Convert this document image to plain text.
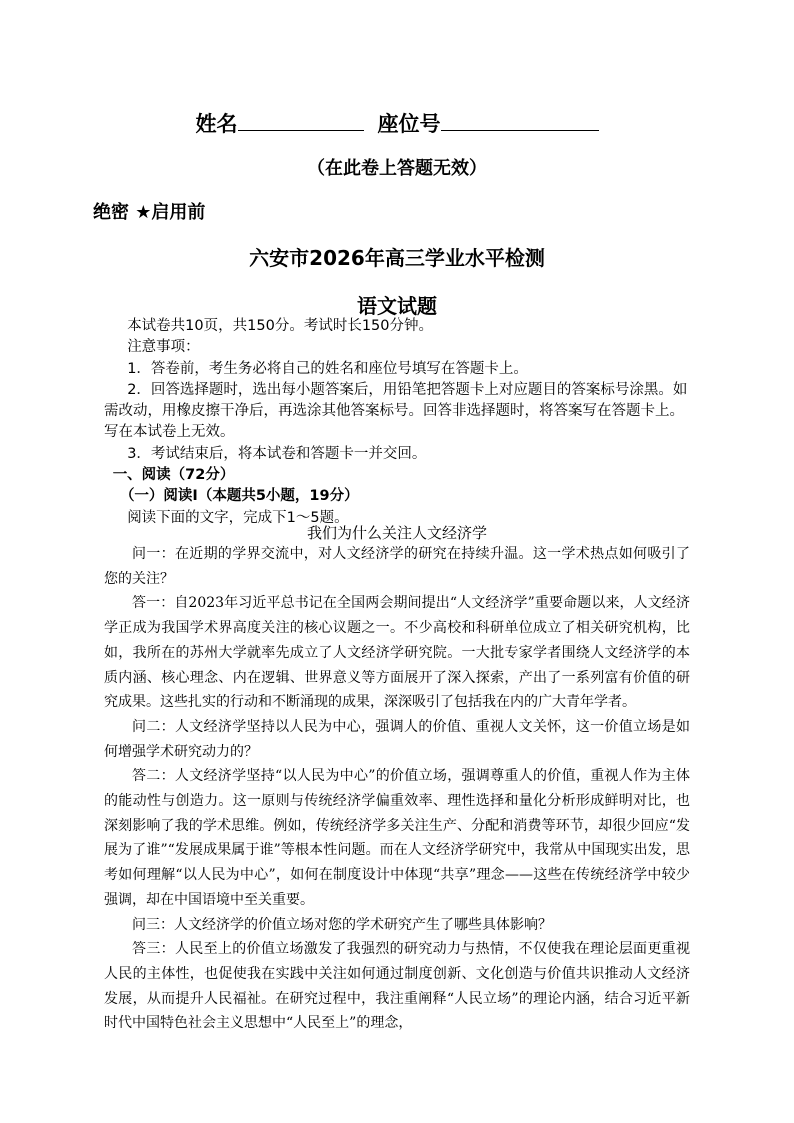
姓名	座位号
（在此卷上答题无效）
绝密 ★启用前
六安市2026年高三学业水平检测
语文试题

本试卷共10页，共150分。考试时长150分钟。

注意事项：

1．答卷前，考生务必将自己的姓名和座位号填写在答题卡上。

2．回答选择题时，选出每小题答案后，用铅笔把答题卡上对应题目的答案标号涂黑。如需改动，用橡皮擦干净后，再选涂其他答案标号。回答非选择题时，将答案写在答题卡上。写在本试卷上无效。

3．考试结束后，将本试卷和答题卡一并交回。

一、阅读（72分）

（一）阅读Ⅰ（本题共5小题，19分）

阅读下面的文字，完成下1～5题。

我们为什么关注人文经济学

问一：在近期的学界交流中，对人文经济学的研究在持续升温。这一学术热点如何吸引了您的关注？

答一：自2023年习近平总书记在全国两会期间提出“人文经济学”重要命题以来，人文经济学正成为我国学术界高度关注的核心议题之一。不少高校和科研单位成立了相关研究机构，比如，我所在的苏州大学就率先成立了人文经济学研究院。一大批专家学者围绕人文经济学的本质内涵、核心理念、内在逻辑、世界意义等方面展开了深入探索，产出了一系列富有价值的研究成果。这些扎实的行动和不断涌现的成果，深深吸引了包括我在内的广大青年学者。

问二：人文经济学坚持以人民为中心，强调人的价值、重视人文关怀，这一价值立场是如何增强学术研究动力的？

答二：人文经济学坚持“以人民为中心”的价值立场，强调尊重人的价值，重视人作为主体的能动性与创造力。这一原则与传统经济学偏重效率、理性选择和量化分析形成鲜明对比，也深刻影响了我的学术思维。例如，传统经济学多关注生产、分配和消费等环节，却很少回应“发展为了谁”“发展成果属于谁”等根本性问题。而在人文经济学研究中，我常从中国现实出发，思考如何理解“以人民为中心”，如何在制度设计中体现“共享”理念——这些在传统经济学中较少强调，却在中国语境中至关重要。

问三：人文经济学的价值立场对您的学术研究产生了哪些具体影响？

答三：人民至上的价值立场激发了我强烈的研究动力与热情，不仅使我在理论层面更重视人民的主体性，也促使我在实践中关注如何通过制度创新、文化创造与价值共识推动人文经济发展，从而提升人民福祉。在研究过程中，我注重阐释“人民立场”的理论内涵，结合习近平新时代中国特色社会主义思想中“人民至上”的理念，
